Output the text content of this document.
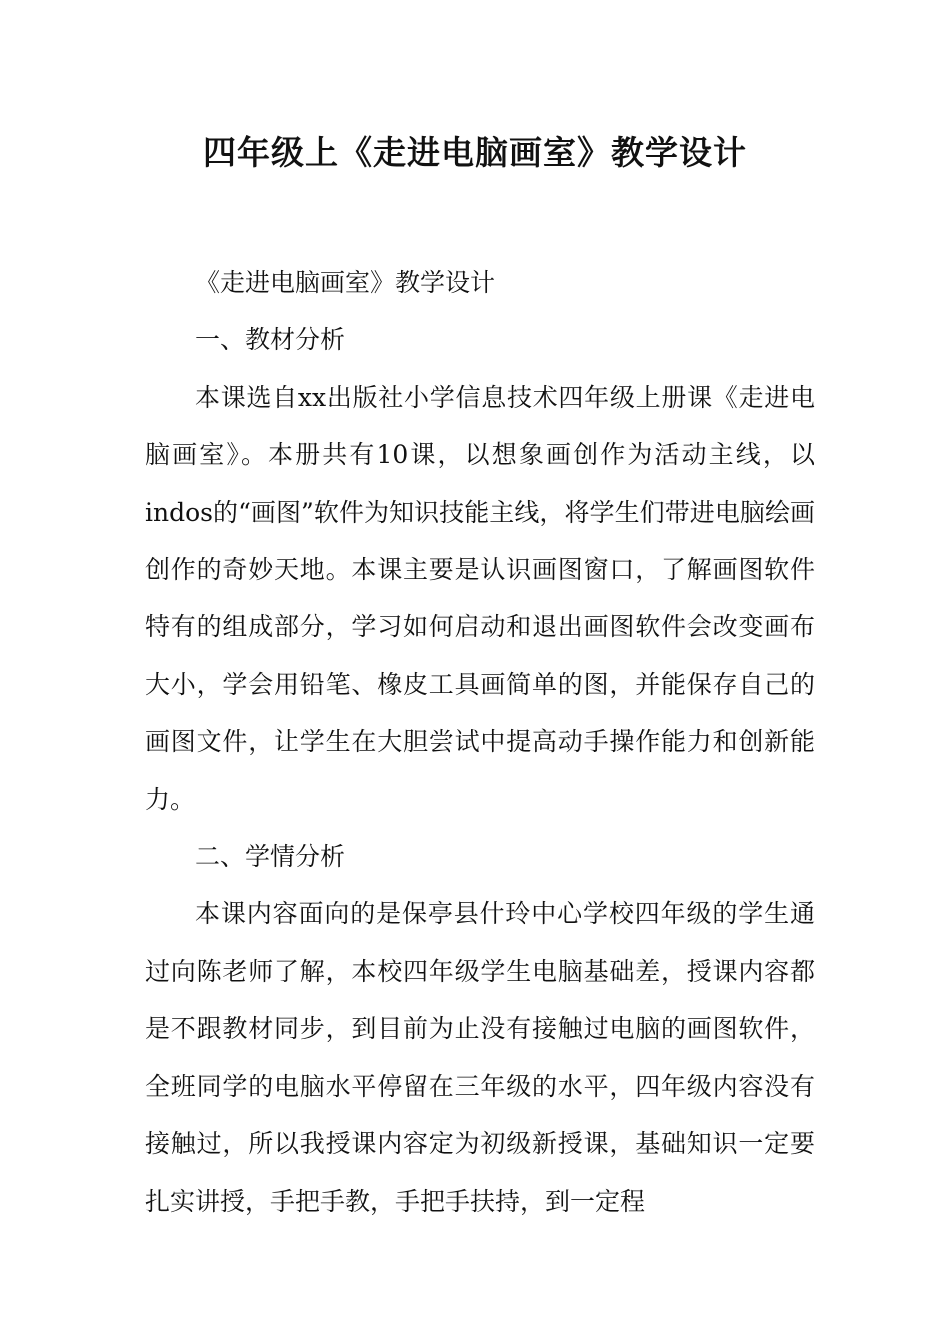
四年级上《走进电脑画室》教学设计

《走进电脑画室》教学设计

一、教材分析

本课选自xx出版社小学信息技术四年级上册课《走进电脑画室》。本册共有10课，以想象画创作为活动主线，以indos的“画图”软件为知识技能主线，将学生们带进电脑绘画创作的奇妙天地。本课主要是认识画图窗口，了解画图软件特有的组成部分，学习如何启动和退出画图软件会改变画布大小，学会用铅笔、橡皮工具画简单的图，并能保存自己的画图文件，让学生在大胆尝试中提高动手操作能力和创新能力。

二、学情分析

本课内容面向的是保亭县什玲中心学校四年级的学生通过向陈老师了解，本校四年级学生电脑基础差，授课内容都是不跟教材同步，到目前为止没有接触过电脑的画图软件，全班同学的电脑水平停留在三年级的水平，四年级内容没有接触过，所以我授课内容定为初级新授课，基础知识一定要扎实讲授，手把手教，手把手扶持，到一定程
